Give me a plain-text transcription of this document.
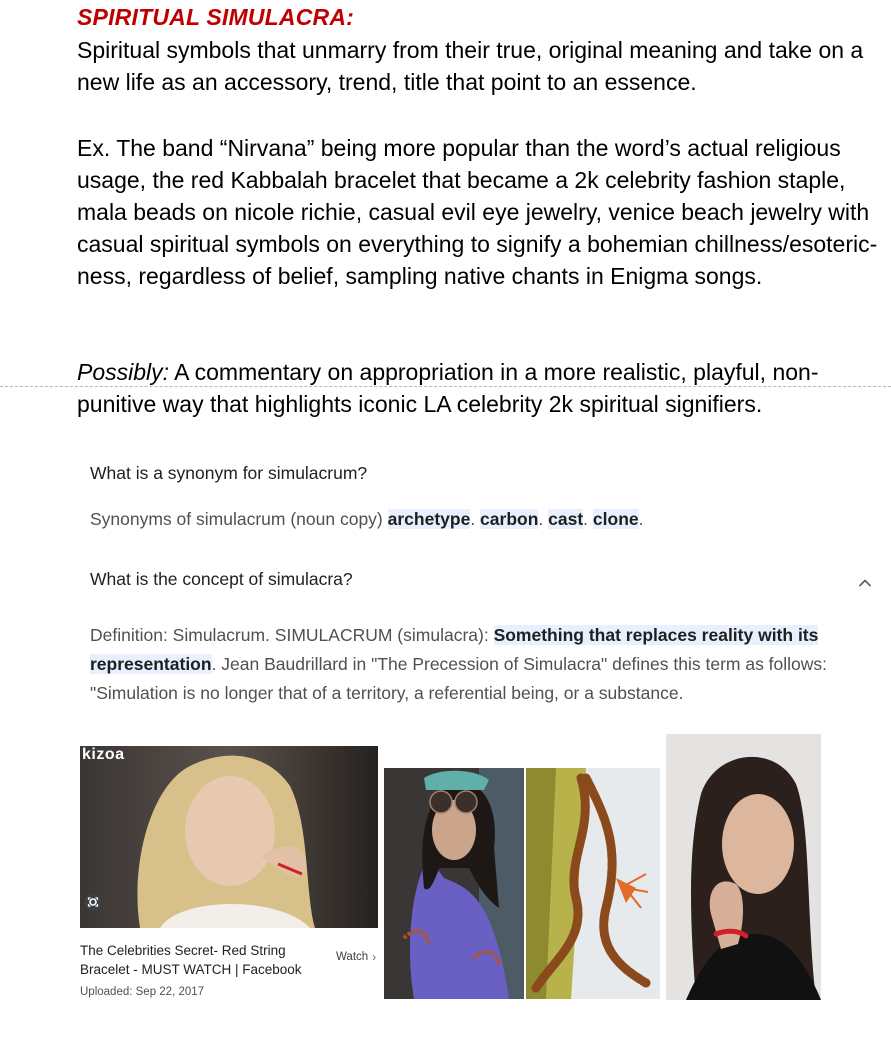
SPIRITUAL SIMULACRA:
Spiritual symbols that unmarry from their true, original meaning and take on a new life as an accessory, trend, title that point to an essence.
Ex. The band “Nirvana” being more popular than the word’s actual religious usage, the red Kabbalah bracelet that became a 2k celebrity fashion staple, mala beads on nicole richie, casual evil eye jewelry, venice beach jewelry with casual spiritual symbols on everything to signify a bohemian chillness/esoteric-ness, regardless of belief, sampling native chants in Enigma songs.
Possibly: A commentary on appropriation in a more realistic, playful, non-punitive way that highlights iconic LA celebrity 2k spiritual signifiers.
What is a synonym for simulacrum?
Synonyms of simulacrum (noun copy) archetype. carbon. cast. clone.
What is the concept of simulacra?
Definition: Simulacrum. SIMULACRUM (simulacra): Something that replaces reality with its representation. Jean Baudrillard in "The Precession of Simulacra" defines this term as follows: "Simulation is no longer that of a territory, a referential being, or a substance.
kizoa
The Celebrities Secret- Red String Bracelet - MUST WATCH | Facebook
Uploaded: Sep 22, 2017
Watch ›
